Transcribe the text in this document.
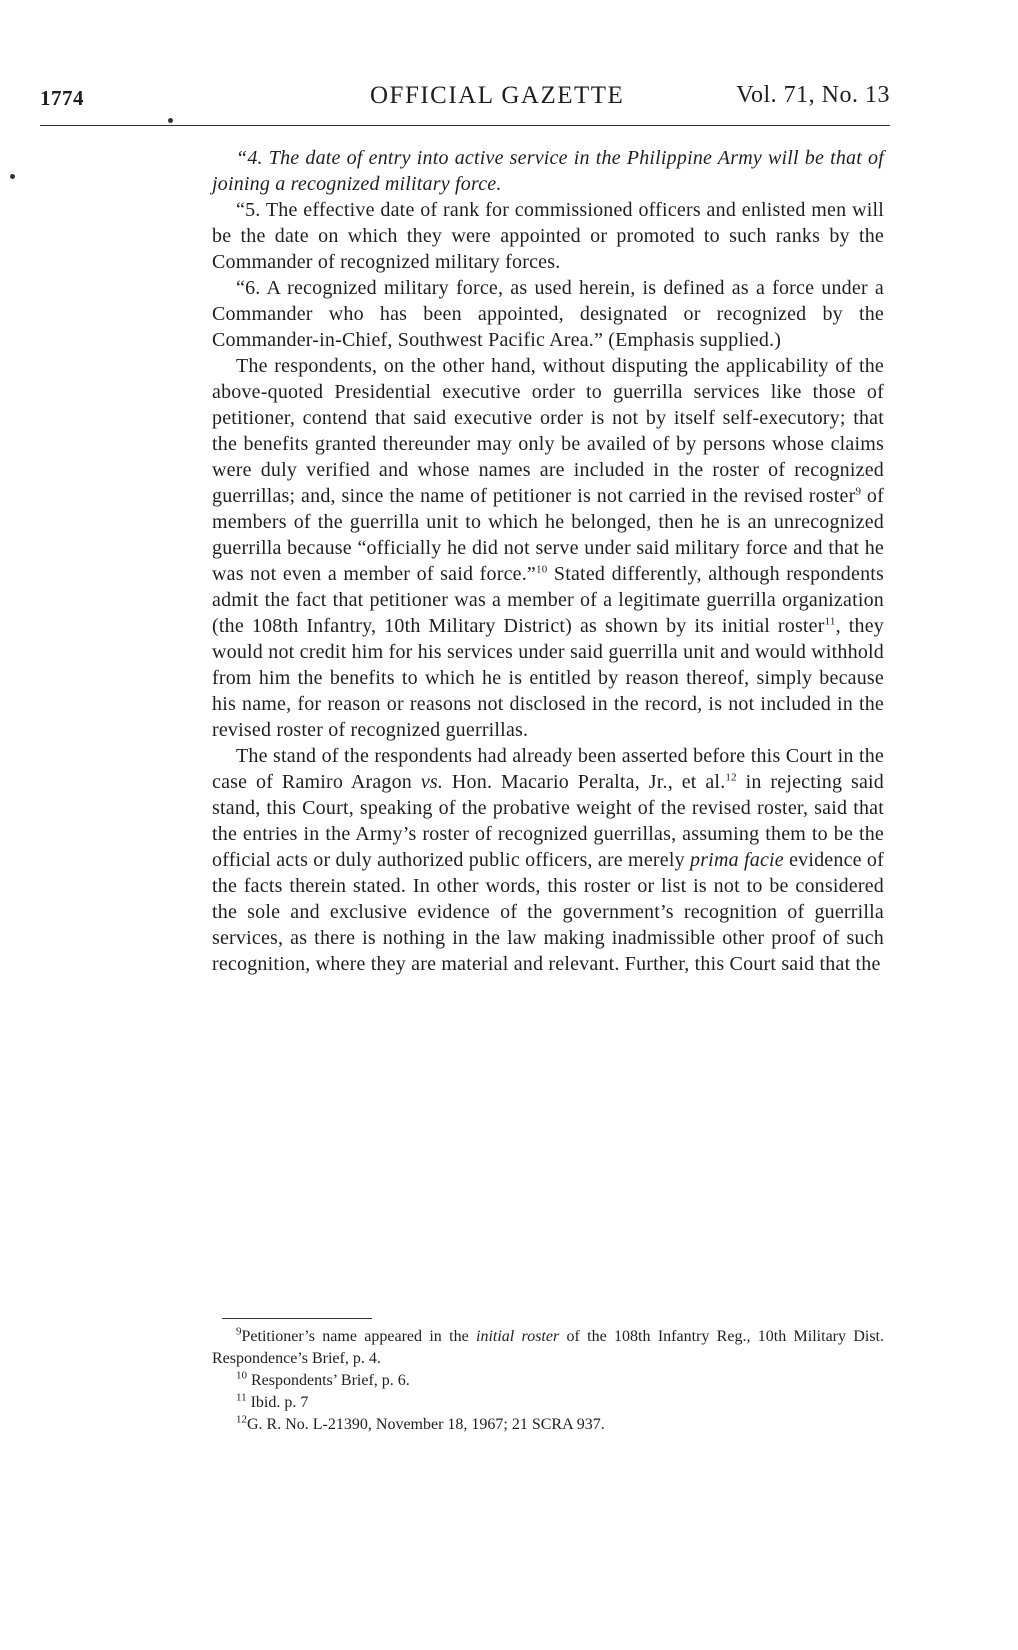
1774	OFFICIAL GAZETTE	Vol. 71, No. 13

“4. The date of entry into active service in the Philippine Army will be that of joining a recognized military force.

“5. The effective date of rank for commissioned officers and enlisted men will be the date on which they were appointed or promoted to such ranks by the Commander of recognized military forces.

“6. A recognized military force, as used herein, is defined as a force under a Commander who has been appointed, designated or recognized by the Commander-in-Chief, Southwest Pacific Area.” (Emphasis supplied.)

The respondents, on the other hand, without disputing the applicability of the above-quoted Presidential executive order to guerrilla services like those of petitioner, contend that said executive order is not by itself self-executory; that the benefits granted thereunder may only be availed of by persons whose claims were duly verified and whose names are included in the roster of recognized guerrillas; and, since the name of petitioner is not carried in the revised roster$^9$ of members of the guerrilla unit to which he belonged, then he is an unrecognized guerrilla because “officially he did not serve under said military force and that he was not even a member of said force.”$^{10}$ Stated differently, although respondents admit the fact that petitioner was a member of a legitimate guerrilla organization (the 108th Infantry, 10th Military District) as shown by its initial roster$^{11}$, they would not credit him for his services under said guerrilla unit and would withhold from him the benefits to which he is entitled by reason thereof, simply because his name, for reason or reasons not disclosed in the record, is not included in the revised roster of recognized guerrillas.

The stand of the respondents had already been asserted before this Court in the case of Ramiro Aragon vs. Hon. Macario Peralta, Jr., et al.$^{12}$ in rejecting said stand, this Court, speaking of the probative weight of the revised roster, said that the entries in the Army’s roster of recognized guerrillas, assuming them to be the official acts or duly authorized public officers, are merely prima facie evidence of the facts therein stated. In other words, this roster or list is not to be considered the sole and exclusive evidence of the government’s recognition of guerrilla services, as there is nothing in the law making inadmissible other proof of such recognition, where they are material and relevant. Further, this Court said that the

$^9$Petitioner’s name appeared in the initial roster of the 108th Infantry Reg., 10th Military Dist. Respondence’s Brief, p. 4.

$^{10}$ Respondents’ Brief, p. 6.

$^{11}$ Ibid. p. 7

$^{12}$G. R. No. L-21390, November 18, 1967; 21 SCRA 937.
